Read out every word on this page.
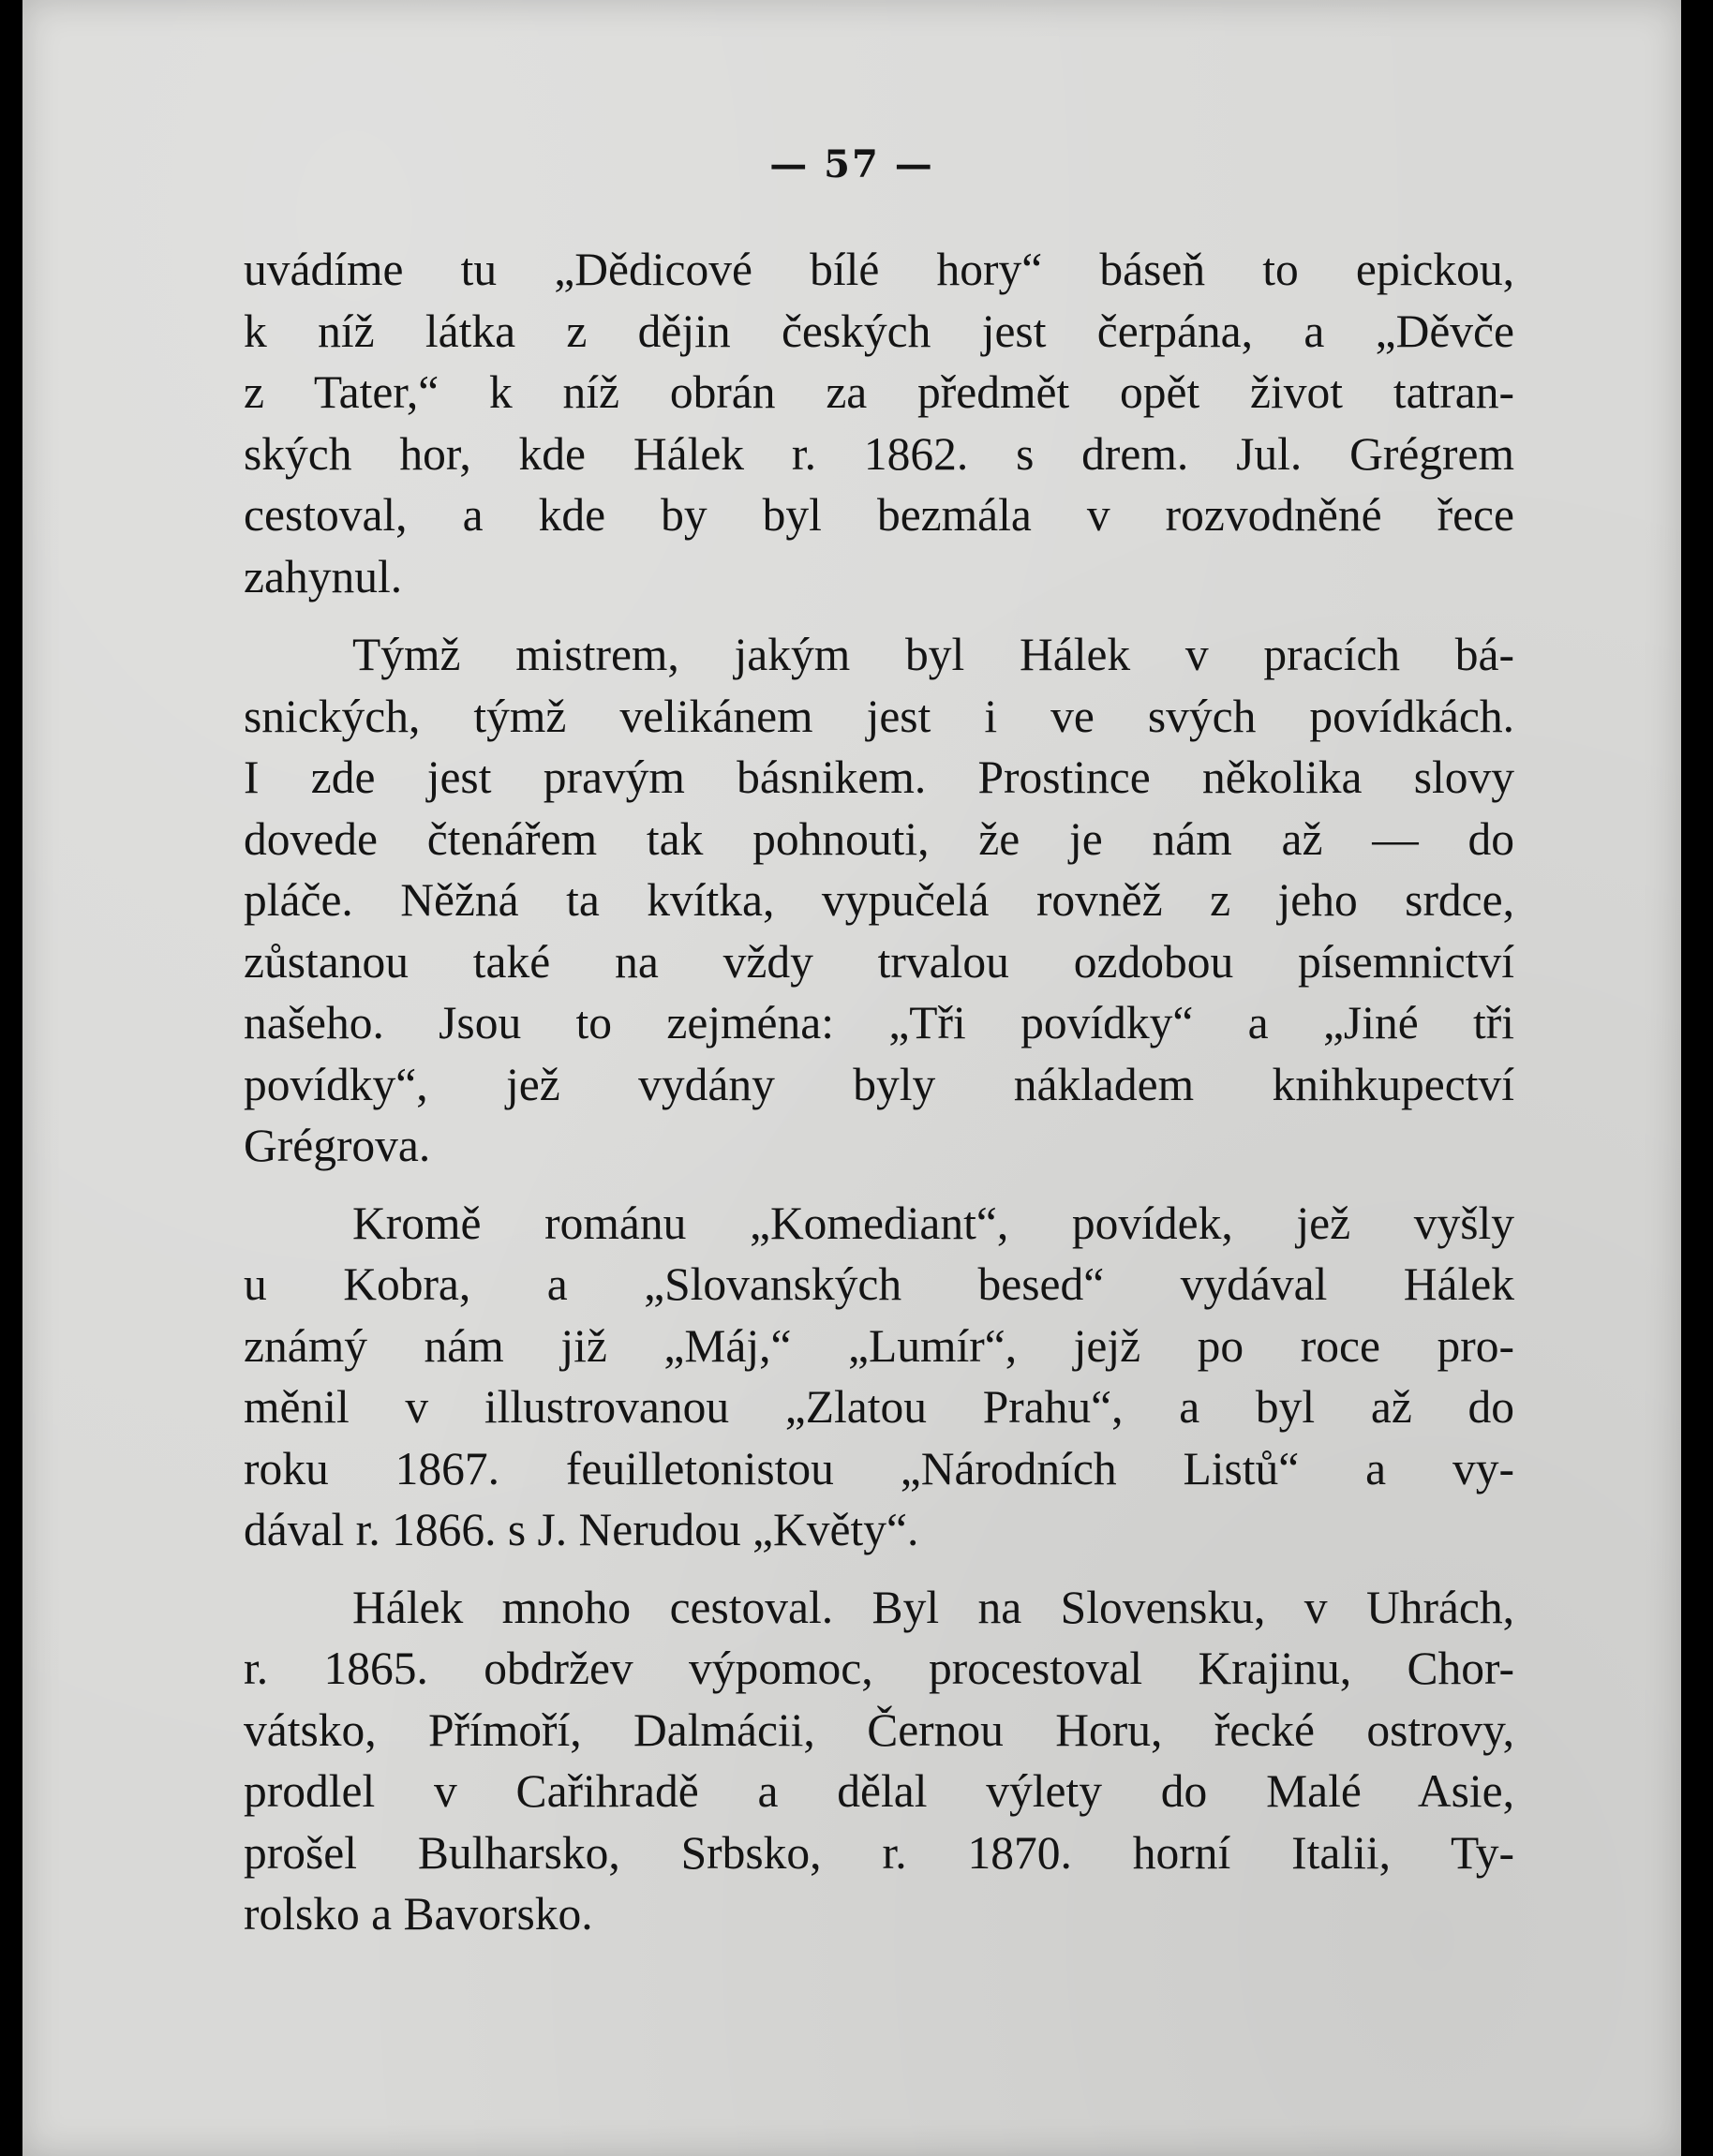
— 57 —
uvádíme tu „Dědicové bílé hory“ báseň to epickou,
k níž látka z dějin českých jest čerpána, a „Děvče
z Tater,“ k níž obrán za předmět opět život tatran-
ských hor, kde Hálek r. 1862. s drem. Jul. Grégrem
cestoval, a kde by byl bezmála v rozvodněné řece
zahynul.
Týmž mistrem, jakým byl Hálek v pracích bá-
snických, týmž velikánem jest i ve svých povídkách.
I zde jest pravým básnikem. Prostince několika slovy
dovede čtenářem tak pohnouti, že je nám až — do
pláče. Něžná ta kvítka, vypučelá rovněž z jeho srdce,
zůstanou také na vždy trvalou ozdobou písemnictví
našeho. Jsou to zejména: „Tři povídky“ a „Jiné tři
povídky“, jež vydány byly nákladem knihkupectví
Grégrova.
Kromě románu „Komediant“, povídek, jež vyšly
u Kobra, a „Slovanských besed“ vydával Hálek
známý nám již „Máj,“ „Lumír“, jejž po roce pro-
měnil v illustrovanou „Zlatou Prahu“, a byl až do
roku 1867. feuilletonistou „Národních Listů“ a vy-
dával r. 1866. s J. Nerudou „Květy“.
Hálek mnoho cestoval. Byl na Slovensku, v Uhrách,
r. 1865. obdržev výpomoc, procestoval Krajinu, Chor-
vátsko, Přímoří, Dalmácii, Černou Horu, řecké ostrovy,
prodlel v Cařihradě a dělal výlety do Malé Asie,
prošel Bulharsko, Srbsko, r. 1870. horní Italii, Ty-
rolsko a Bavorsko.
